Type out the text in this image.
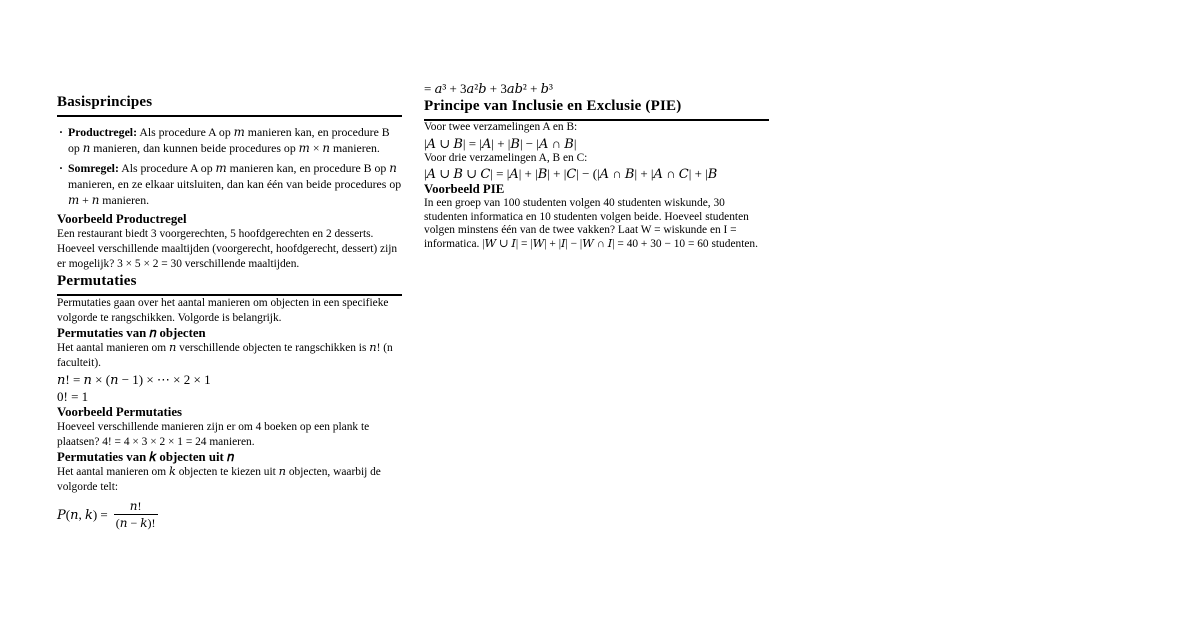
Basisprincipes
· Productregel: Als procedure A op 𝑚 manieren kan, en procedure B op 𝑛 manieren, dan kunnen beide procedures op 𝑚 × 𝑛 manieren.
· Somregel: Als procedure A op 𝑚 manieren kan, en procedure B op 𝑛 manieren, en ze elkaar uitsluiten, dan kan één van beide procedures op 𝑚 + 𝑛 manieren.
Voorbeeld Productregel

Een restaurant biedt 3 voorgerechten, 5 hoofdgerechten en 2 desserts. Hoeveel verschillende maaltijden (voorgerecht, hoofdgerecht, dessert) zijn er mogelijk? 3 × 5 × 2 = 30 verschillende maaltijden.

Permutaties

Permutaties gaan over het aantal manieren om objecten in een specifieke volgorde te rangschikken. Volgorde is belangrijk.

Permutaties van 𝑛 objecten

Het aantal manieren om 𝑛 verschillende objecten te rangschikken is 𝑛! (n faculteit).

𝑛! = 𝑛 × (𝑛 − 1) × ⋯ × 2 × 1

0! = 1

Voorbeeld Permutaties

Hoeveel verschillende manieren zijn er om 4 boeken op een plank te plaatsen? 4! = 4 × 3 × 2 × 1 = 24 manieren.

Permutaties van 𝑘 objecten uit 𝑛

Het aantal manieren om 𝑘 objecten te kiezen uit 𝑛 objecten, waarbij de volgorde telt:

𝑃(𝑛, 𝑘) = $\frac{\text{𝑛!}}{\text{(𝑛 − 𝑘)!}}$

= 𝑎³ + 3𝑎²𝑏 + 3𝑎𝑏² + 𝑏³

Principe van Inclusie en Exclusie (PIE)

Voor twee verzamelingen A en B:

|𝐴 ∪ 𝐵| = |𝐴| + |𝐵| − |𝐴 ∩ 𝐵|

Voor drie verzamelingen A, B en C:

|𝐴 ∪ 𝐵 ∪ 𝐶| = |𝐴| + |𝐵| + |𝐶| − (|𝐴 ∩ 𝐵| + |𝐴 ∩ 𝐶| + |𝐵

Voorbeeld PIE

In een groep van 100 studenten volgen 40 studenten wiskunde, 30 studenten informatica en 10 studenten volgen beide. Hoeveel studenten volgen minstens één van de twee vakken? Laat W = wiskunde en I = informatica. |𝑊 ∪ 𝐼| = |𝑊| + |𝐼| − |𝑊 ∩ 𝐼| = 40 + 30 − 10 = 60 studenten.
